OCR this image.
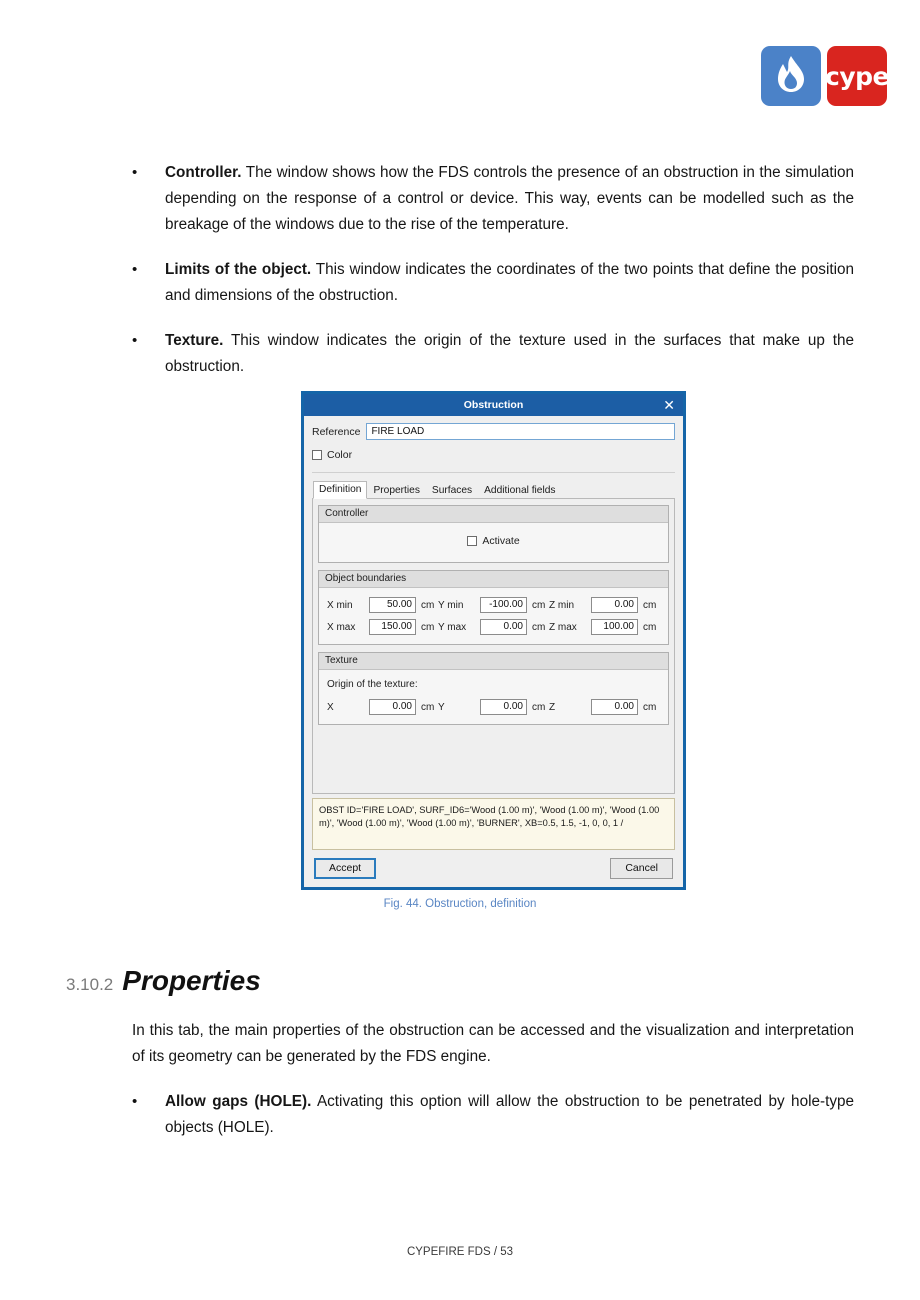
cype
•	Controller. The window shows how the FDS controls the presence of an obstruction in the simulation depending on the response of a control or device. This way, events can be modelled such as the breakage of the windows due to the rise of the temperature.
•	Limits of the object. This window indicates the coordinates of the two points that define the position and dimensions of the obstruction.
•	Texture. This window indicates the origin of the texture used in the surfaces that make up the obstruction.
Obstruction	✕
Reference FIRE LOAD
Color
Definition	Properties	Surfaces	Additional fields
Controller
Activate
Object boundaries
X min	50.00 cm Y min	-100.00 cm Z min	0.00 cm
X max	150.00 cm Y max	0.00 cm Z max	100.00 cm
Texture
Origin of the texture:
X	0.00 cm Y	0.00 cm Z	0.00 cm
OBST ID='FIRE LOAD', SURF_ID6='Wood (1.00 m)', 'Wood (1.00 m)', 'Wood (1.00 m)', 'Wood (1.00 m)', 'Wood (1.00 m)', 'BURNER', XB=0.5, 1.5, -1, 0, 0, 1 /
Accept	Cancel
Fig. 44. Obstruction, definition
3.10.2 Properties
In this tab, the main properties of the obstruction can be accessed and the visualization and interpretation of its geometry can be generated by the FDS engine.
•	Allow gaps (HOLE). Activating this option will allow the obstruction to be penetrated by hole-type objects (HOLE).
CYPEFIRE FDS / 53
